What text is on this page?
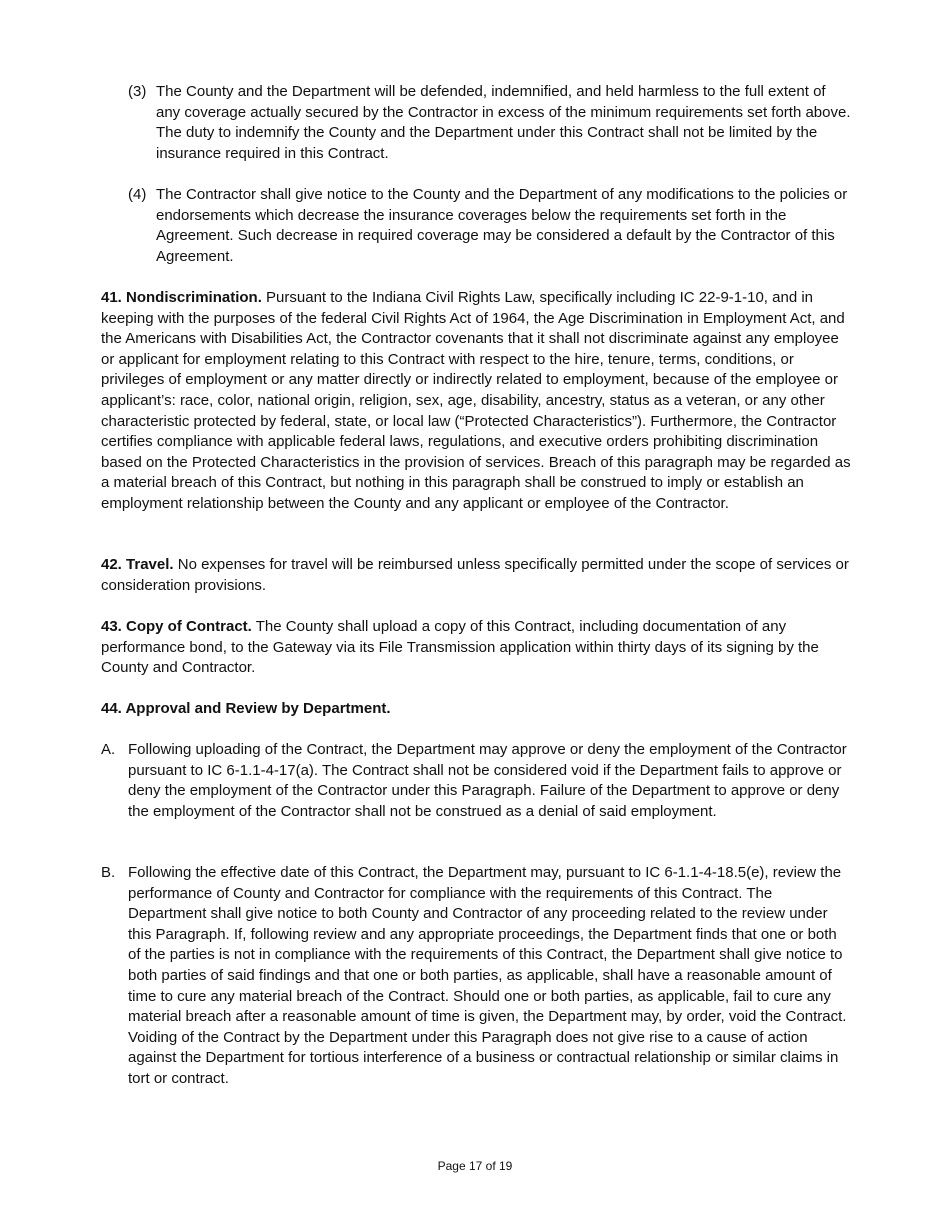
(3) The County and the Department will be defended, indemnified, and held harmless to the full extent of any coverage actually secured by the Contractor in excess of the minimum requirements set forth above. The duty to indemnify the County and the Department under this Contract shall not be limited by the insurance required in this Contract.
(4) The Contractor shall give notice to the County and the Department of any modifications to the policies or endorsements which decrease the insurance coverages below the requirements set forth in the Agreement. Such decrease in required coverage may be considered a default by the Contractor of this Agreement.
41. Nondiscrimination. Pursuant to the Indiana Civil Rights Law, specifically including IC 22-9-1-10, and in keeping with the purposes of the federal Civil Rights Act of 1964, the Age Discrimination in Employment Act, and the Americans with Disabilities Act, the Contractor covenants that it shall not discriminate against any employee or applicant for employment relating to this Contract with respect to the hire, tenure, terms, conditions, or privileges of employment or any matter directly or indirectly related to employment, because of the employee or applicant’s: race, color, national origin, religion, sex, age, disability, ancestry, status as a veteran, or any other characteristic protected by federal, state, or local law (“Protected Characteristics”). Furthermore, the Contractor certifies compliance with applicable federal laws, regulations, and executive orders prohibiting discrimination based on the Protected Characteristics in the provision of services. Breach of this paragraph may be regarded as a material breach of this Contract, but nothing in this paragraph shall be construed to imply or establish an employment relationship between the County and any applicant or employee of the Contractor.
42. Travel. No expenses for travel will be reimbursed unless specifically permitted under the scope of services or consideration provisions.
43. Copy of Contract. The County shall upload a copy of this Contract, including documentation of any performance bond, to the Gateway via its File Transmission application within thirty days of its signing by the County and Contractor.
44. Approval and Review by Department.
A. Following uploading of the Contract, the Department may approve or deny the employment of the Contractor pursuant to IC 6-1.1-4-17(a). The Contract shall not be considered void if the Department fails to approve or deny the employment of the Contractor under this Paragraph. Failure of the Department to approve or deny the employment of the Contractor shall not be construed as a denial of said employment.
B. Following the effective date of this Contract, the Department may, pursuant to IC 6-1.1-4-18.5(e), review the performance of County and Contractor for compliance with the requirements of this Contract. The Department shall give notice to both County and Contractor of any proceeding related to the review under this Paragraph. If, following review and any appropriate proceedings, the Department finds that one or both of the parties is not in compliance with the requirements of this Contract, the Department shall give notice to both parties of said findings and that one or both parties, as applicable, shall have a reasonable amount of time to cure any material breach of the Contract. Should one or both parties, as applicable, fail to cure any material breach after a reasonable amount of time is given, the Department may, by order, void the Contract. Voiding of the Contract by the Department under this Paragraph does not give rise to a cause of action against the Department for tortious interference of a business or contractual relationship or similar claims in tort or contract.
Page 17 of 19
